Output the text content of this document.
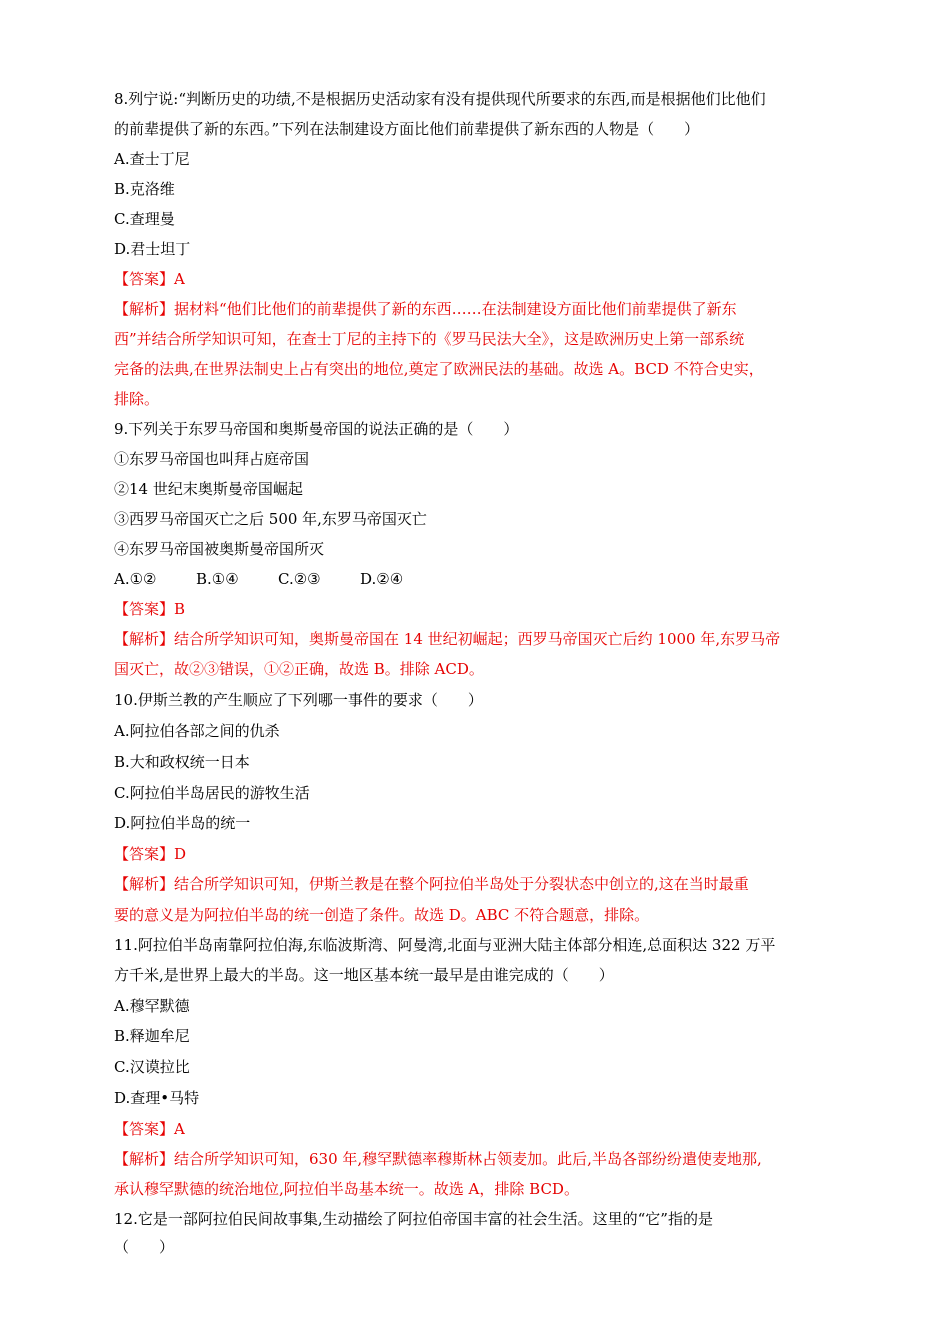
8.列宁说:“判断历史的功绩,不是根据历史活动家有没有提供现代所要求的东西,而是根据他们比他们
的前辈提供了新的东西。”下列在法制建设方面比他们前辈提供了新东西的人物是（　　）
A.查士丁尼
B.克洛维
C.查理曼
D.君士坦丁
【答案】A
【解析】据材料“他们比他们的前辈提供了新的东西……在法制建设方面比他们前辈提供了新东
西”并结合所学知识可知，在查士丁尼的主持下的《罗马民法大全》，这是欧洲历史上第一部系统
完备的法典,在世界法制史上占有突出的地位,奠定了欧洲民法的基础。故选 A。BCD 不符合史实，
排除。
9.下列关于东罗马帝国和奥斯曼帝国的说法正确的是（　　）
①东罗马帝国也叫拜占庭帝国
②14 世纪末奥斯曼帝国崛起
③西罗马帝国灭亡之后 500 年,东罗马帝国灭亡
④东罗马帝国被奥斯曼帝国所灭
A.①②	B.①④	C.②③	D.②④
【答案】B
【解析】结合所学知识可知，奥斯曼帝国在 14 世纪初崛起；西罗马帝国灭亡后约 1000 年,东罗马帝
国灭亡，故②③错误，①②正确，故选 B。排除 ACD。
10.伊斯兰教的产生顺应了下列哪一事件的要求（　　）
A.阿拉伯各部之间的仇杀
B.大和政权统一日本
C.阿拉伯半岛居民的游牧生活
D.阿拉伯半岛的统一
【答案】D
【解析】结合所学知识可知，伊斯兰教是在整个阿拉伯半岛处于分裂状态中创立的,这在当时最重
要的意义是为阿拉伯半岛的统一创造了条件。故选 D。ABC 不符合题意，排除。
11.阿拉伯半岛南靠阿拉伯海,东临波斯湾、阿曼湾,北面与亚洲大陆主体部分相连,总面积达 322 万平
方千米,是世界上最大的半岛。这一地区基本统一最早是由谁完成的（　　）
A.穆罕默德
B.释迦牟尼
C.汉谟拉比
D.查理•马特
【答案】A
【解析】结合所学知识可知，630 年,穆罕默德率穆斯林占领麦加。此后,半岛各部纷纷遣使麦地那,
承认穆罕默德的统治地位,阿拉伯半岛基本统一。故选 A，排除 BCD。
12.它是一部阿拉伯民间故事集,生动描绘了阿拉伯帝国丰富的社会生活。这里的“它”指的是
（　　）
